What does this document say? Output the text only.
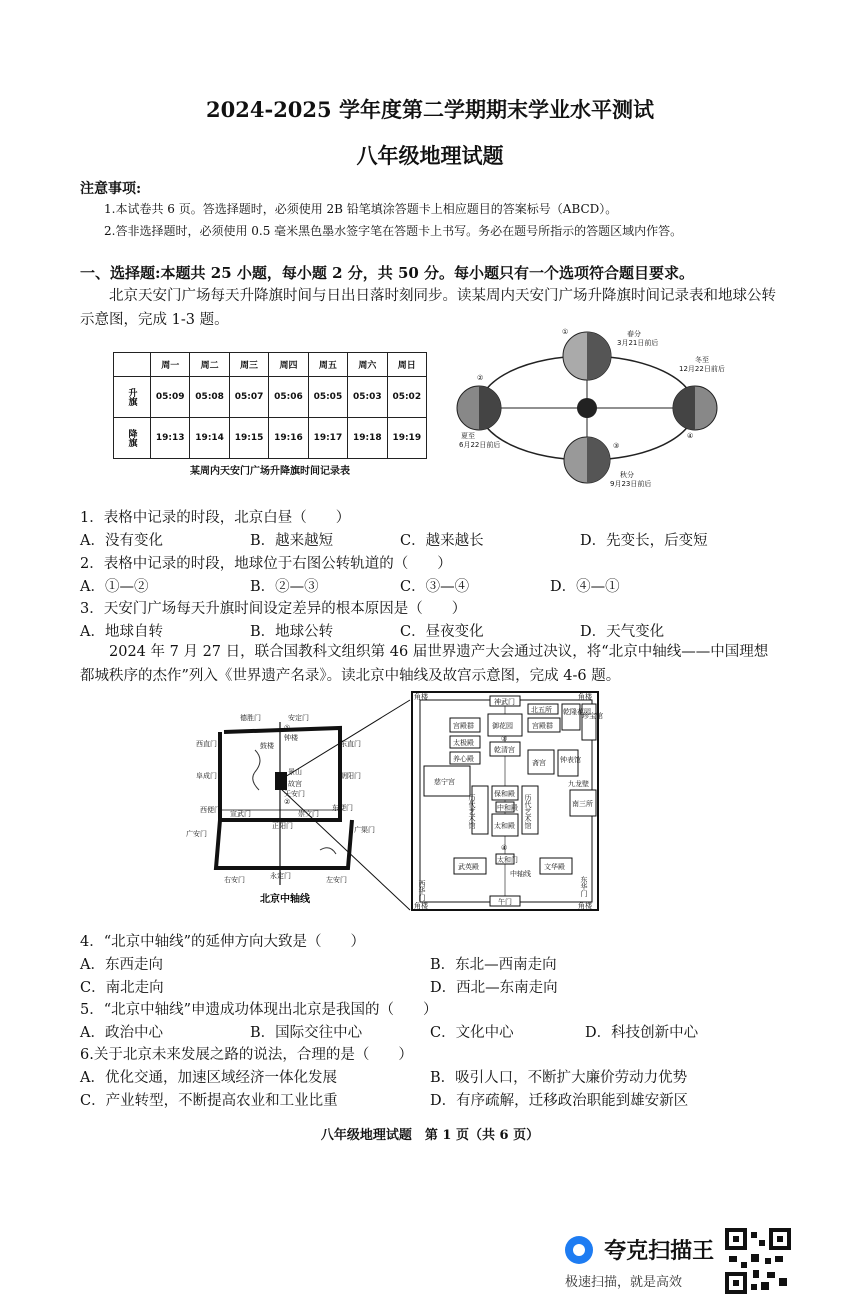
2024-2025 学年度第二学期期末学业水平测试
八年级地理试题
注意事项:
1.本试卷共 6 页。答选择题时，必须使用 2B 铅笔填涂答题卡上相应题目的答案标号（ABCD）。
2.答非选择题时，必须使用 0.5 毫米黑色墨水签字笔在答题卡上书写。务必在题号所指示的答题区域内作答。
一、选择题:本题共 25 小题，每小题 2 分，共 50 分。每小题只有一个选项符合题目要求。
北京天安门广场每天升降旗时间与日出日落时刻同步。读某周内天安门广场升降旗时间记录表和地球公转示意图，完成 1-3 题。
	周一	周二	周三	周四	周五	周六	周日
升旗	05:09	05:08	05:07	05:06	05:05	05:03	05:02
降旗	19:13	19:14	19:15	19:16	19:17	19:18	19:19
某周内天安门广场升降旗时间记录表
①
②
③
④
春分
3月21日前后
冬至
12月22日前后
夏至
6月22日前后
秋分
9月23日前后
1．表格中记录的时段，北京白昼（　　）
A．没有变化	B．越来越短	C．越来越长	D．先变长，后变短
2．表格中记录的时段，地球位于右图公转轨道的（　　）
A．①—②	B．②—③	C．③—④	D．④—①
3．天安门广场每天升旗时间设定差异的根本原因是（　　）
A．地球自转	B．地球公转	C．昼夜变化	D．天气变化
2024 年 7 月 27 日，联合国教科文组织第 46 届世界遗产大会通过决议，将“北京中轴线——中国理想都城秩序的杰作”列入《世界遗产名录》。读北京中轴线及故宫示意图，完成 4-6 题。
德胜门	安定门
西直门	东直门
阜成门	朝阳门
西便门 宣武门	崇文门
东便门
广安门	广渠门
右安门	永定门	左安门
正阳门
①
②
钟楼
鼓楼
景山
故宫
天安门
北京中轴线
神武门
北五所 乾隆花园
珍宝馆
御花园
宫殿群	宫殿群
太极殿
乾清宫
养心殿	斋宫 钟表馆
慈宁宫	九龙壁
南三所
保和殿
中和殿
太和殿
历代艺术馆	历代艺术馆
太和门
武英殿	文华殿
中轴线
午门
西华门	东华门
角楼	角楼
角楼	角楼
③
④
4．“北京中轴线”的延伸方向大致是（　　）
A．东西走向	B．东北—西南走向
C．南北走向	D．西北—东南走向
5．“北京中轴线”申遗成功体现出北京是我国的（　　）
A．政治中心	B．国际交往中心	C．文化中心	D．科技创新中心
6.关于北京未来发展之路的说法，合理的是（　　）
A．优化交通，加速区域经济一体化发展	B．吸引人口，不断扩大廉价劳动力优势
C．产业转型，不断提高农业和工业比重	D．有序疏解，迁移政治职能到雄安新区
八年级地理试题　第 1 页（共 6 页）
夸克扫描王
极速扫描，就是高效
